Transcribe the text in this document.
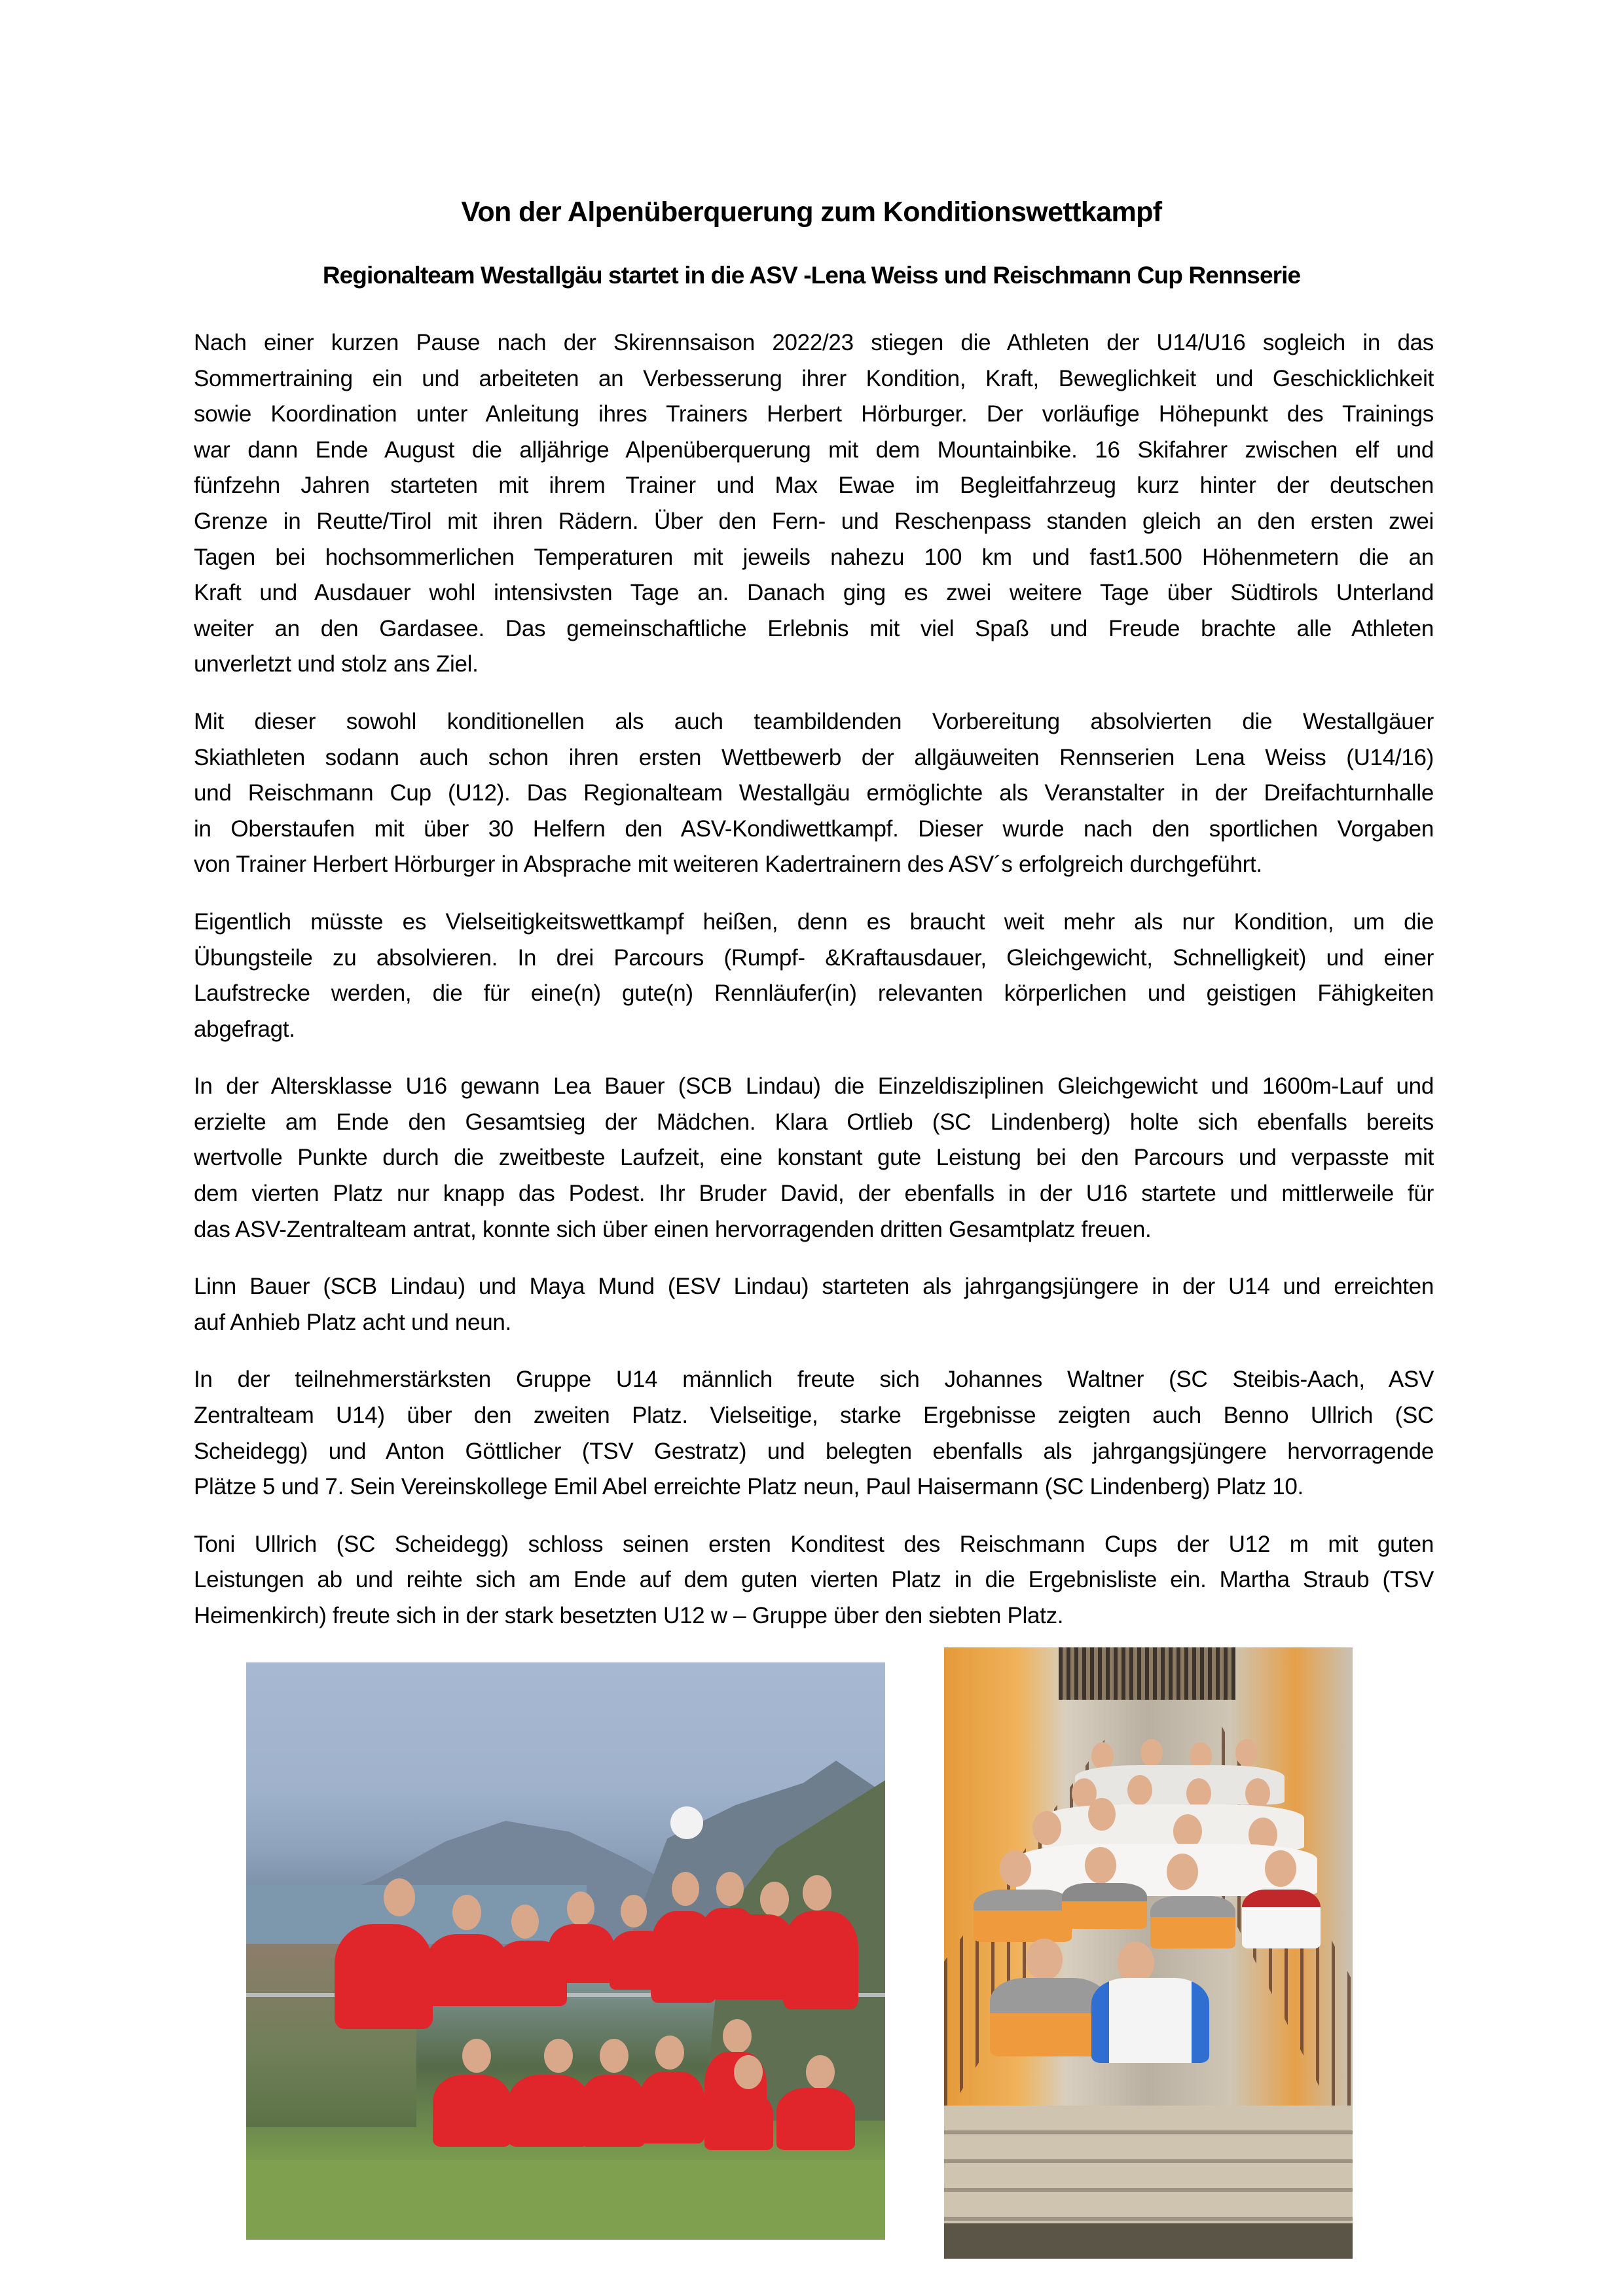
Von der Alpenüberquerung zum Konditionswettkampf
Regionalteam Westallgäu startet in die ASV -Lena Weiss und Reischmann Cup Rennserie

Nach einer kurzen Pause nach der Skirennsaison 2022/23 stiegen die Athleten der U14/U16 sogleich in das
Sommertraining ein und arbeiteten an Verbesserung ihrer Kondition, Kraft, Beweglichkeit und Geschicklichkeit
sowie Koordination unter Anleitung ihres Trainers Herbert Hörburger. Der vorläufige Höhepunkt des Trainings
war dann Ende August die alljährige Alpenüberquerung mit dem Mountainbike. 16 Skifahrer zwischen elf und
fünfzehn Jahren starteten mit ihrem Trainer und Max Ewae im Begleitfahrzeug kurz hinter der deutschen
Grenze in Reutte/Tirol mit ihren Rädern. Über den Fern- und Reschenpass standen gleich an den ersten zwei
Tagen bei hochsommerlichen Temperaturen mit jeweils nahezu 100 km und fast1.500 Höhenmetern die an
Kraft und Ausdauer wohl intensivsten Tage an. Danach ging es zwei weitere Tage über Südtirols Unterland
weiter an den Gardasee. Das gemeinschaftliche Erlebnis mit viel Spaß und Freude brachte alle Athleten
unverletzt und stolz ans Ziel.

Mit dieser sowohl konditionellen als auch teambildenden Vorbereitung absolvierten die Westallgäuer
Skiathleten sodann auch schon ihren ersten Wettbewerb der allgäuweiten Rennserien Lena Weiss (U14/16)
und Reischmann Cup (U12). Das Regionalteam Westallgäu ermöglichte als Veranstalter in der Dreifachturnhalle
in Oberstaufen mit über 30 Helfern den ASV-Kondiwettkampf. Dieser wurde nach den sportlichen Vorgaben
von Trainer Herbert Hörburger in Absprache mit weiteren Kadertrainern des ASV´s erfolgreich durchgeführt.

Eigentlich müsste es Vielseitigkeitswettkampf heißen, denn es braucht weit mehr als nur Kondition, um die
Übungsteile zu absolvieren. In drei Parcours (Rumpf- &Kraftausdauer, Gleichgewicht, Schnelligkeit) und einer
Laufstrecke werden, die für eine(n) gute(n) Rennläufer(in) relevanten körperlichen und geistigen Fähigkeiten
abgefragt.

In der Altersklasse U16 gewann Lea Bauer (SCB Lindau) die Einzeldisziplinen Gleichgewicht und 1600m-Lauf und
erzielte am Ende den Gesamtsieg der Mädchen. Klara Ortlieb (SC Lindenberg) holte sich ebenfalls bereits
wertvolle Punkte durch die zweitbeste Laufzeit, eine konstant gute Leistung bei den Parcours und verpasste mit
dem vierten Platz nur knapp das Podest. Ihr Bruder David, der ebenfalls in der U16 startete und mittlerweile für
das ASV-Zentralteam antrat, konnte sich über einen hervorragenden dritten Gesamtplatz freuen.

Linn Bauer (SCB Lindau) und Maya Mund (ESV Lindau) starteten als jahrgangsjüngere in der U14 und erreichten
auf Anhieb Platz acht und neun.

In der teilnehmerstärksten Gruppe U14 männlich freute sich Johannes Waltner (SC Steibis-Aach, ASV
Zentralteam U14) über den zweiten Platz. Vielseitige, starke Ergebnisse zeigten auch Benno Ullrich (SC
Scheidegg) und Anton Göttlicher (TSV Gestratz) und belegten ebenfalls als jahrgangsjüngere hervorragende
Plätze 5 und 7. Sein Vereinskollege Emil Abel erreichte Platz neun, Paul Haisermann (SC Lindenberg) Platz 10.

Toni Ullrich (SC Scheidegg) schloss seinen ersten Konditest des Reischmann Cups der U12 m mit guten
Leistungen ab und reihte sich am Ende auf dem guten vierten Platz in die Ergebnisliste ein. Martha Straub (TSV
Heimenkirch) freute sich in der stark besetzten U12 w – Gruppe über den siebten Platz.
